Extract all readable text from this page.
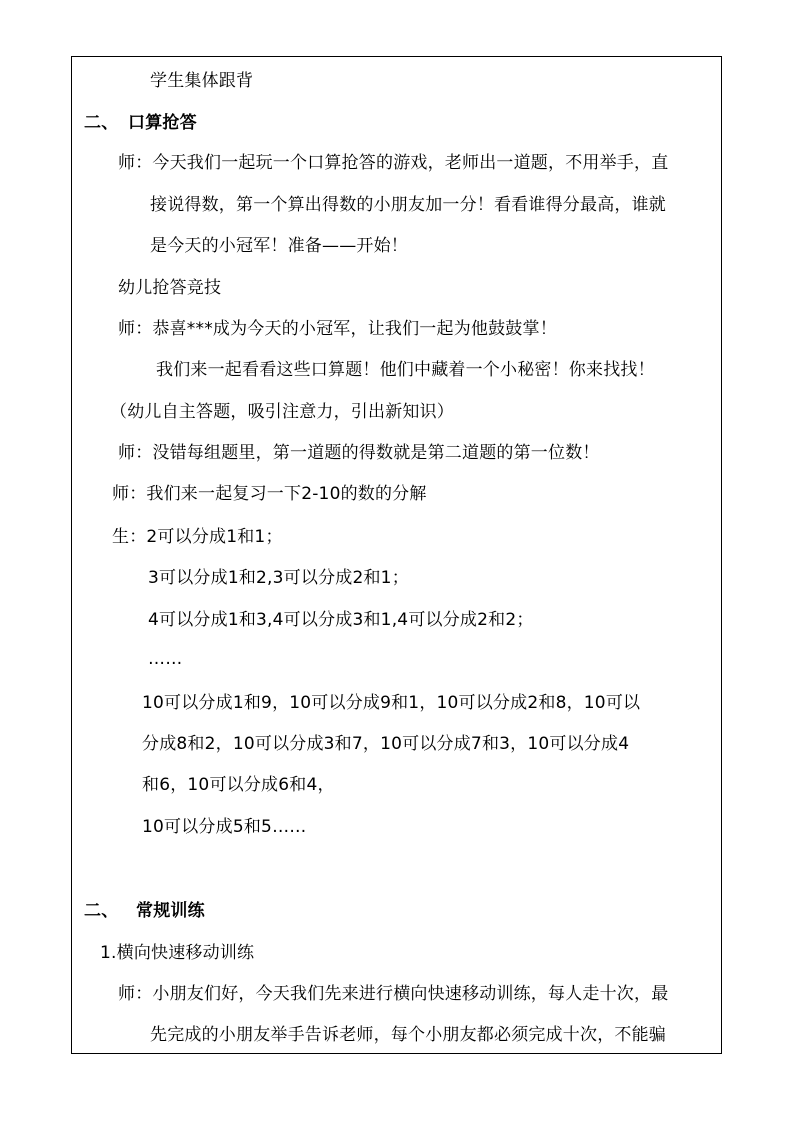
学生集体跟背
二、 口算抢答
师：今天我们一起玩一个口算抢答的游戏，老师出一道题，不用举手，直
接说得数，第一个算出得数的小朋友加一分！看看谁得分最高，谁就
是今天的小冠军！准备——开始！
幼儿抢答竞技
师：恭喜***成为今天的小冠军，让我们一起为他鼓鼓掌！
我们来一起看看这些口算题！他们中藏着一个小秘密！你来找找！
（幼儿自主答题，吸引注意力，引出新知识）
师：没错每组题里，第一道题的得数就是第二道题的第一位数！
师：我们来一起复习一下2-10的数的分解
生：2可以分成1和1；
3可以分成1和2,3可以分成2和1；
4可以分成1和3,4可以分成3和1,4可以分成2和2；
……
10可以分成1和9，10可以分成9和1，10可以分成2和8，10可以
分成8和2，10可以分成3和7，10可以分成7和3，10可以分成4
和6，10可以分成6和4，
10可以分成5和5……
二、 常规训练
1.横向快速移动训练
师：小朋友们好，今天我们先来进行横向快速移动训练，每人走十次，最
先完成的小朋友举手告诉老师，每个小朋友都必须完成十次，不能骗
